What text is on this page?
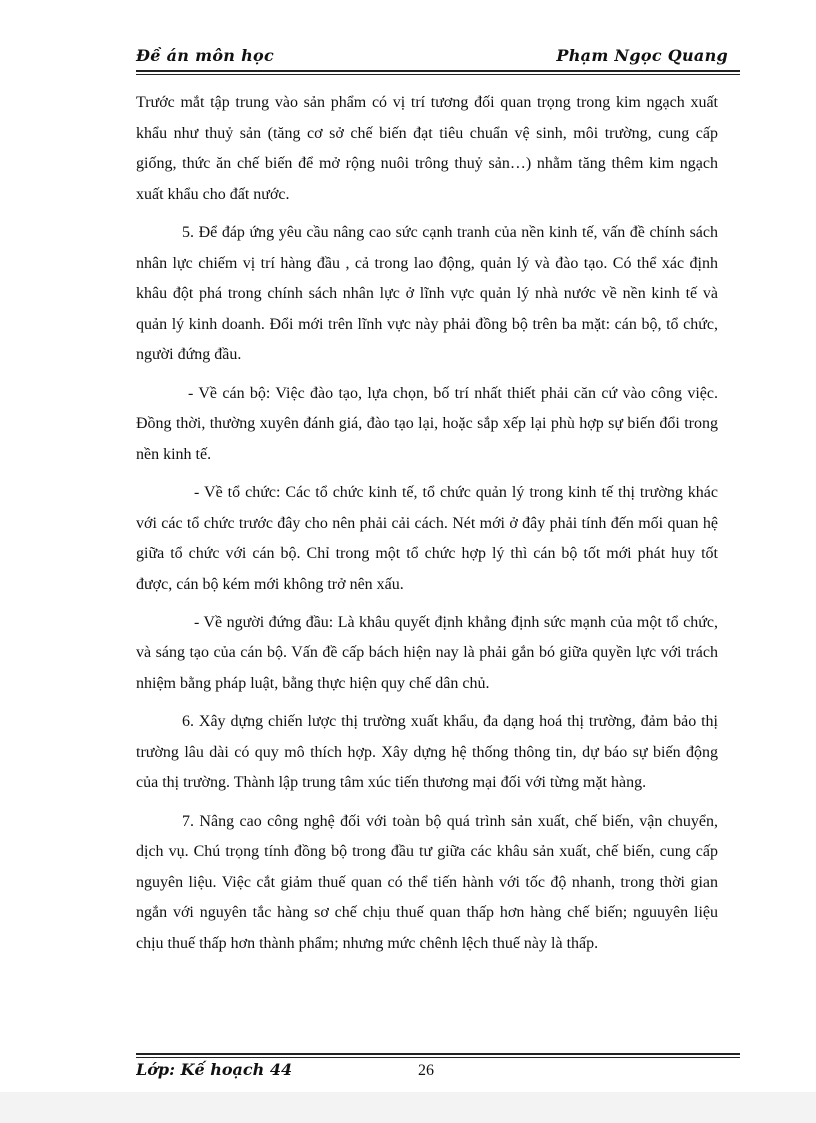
Đề án môn học	Phạm Ngọc Quang

Trước mắt tập trung vào sản phẩm có vị trí tương đối quan trọng trong kim ngạch xuất khẩu như thuỷ sản (tăng cơ sở chế biến đạt tiêu chuẩn vệ sinh, môi trường, cung cấp giống, thức ăn chế biến để mở rộng nuôi trông thuỷ sản…) nhằm tăng thêm kim ngạch xuất khẩu cho đất nước.

5. Để đáp ứng yêu cầu nâng cao sức cạnh tranh của nền kinh tế, vấn đề chính sách nhân lực chiếm vị trí hàng đầu , cả trong lao động, quản lý và đào tạo. Có thể xác định khâu đột phá trong chính sách nhân lực ở lĩnh vực quản lý nhà nước về nền kinh tế và quản lý kinh doanh. Đổi mới trên lĩnh vực này phải đồng bộ trên ba mặt: cán bộ, tổ chức, người đứng đầu.

- Về cán bộ: Việc đào tạo, lựa chọn, bố trí nhất thiết phải căn cứ vào công việc. Đồng thời, thường xuyên đánh giá, đào tạo lại, hoặc sắp xếp lại phù hợp sự biến đổi trong nền kinh tế.

- Về tổ chức: Các tổ chức kinh tế, tổ chức quản lý trong kinh tế thị trường khác với các tổ chức trước đây cho nên phải cải cách. Nét mới ở đây phải tính đến mối quan hệ giữa tổ chức với cán bộ. Chỉ trong một tổ chức hợp lý thì cán bộ tốt mới phát huy tốt được, cán bộ kém mới không trở nên xấu.

- Về người đứng đầu: Là khâu quyết định khẳng định sức mạnh của một tổ chức, và sáng tạo của cán bộ. Vấn đề cấp bách hiện nay là phải gắn bó giữa quyền lực với trách nhiệm bằng pháp luật, bằng thực hiện quy chế dân chủ.

6. Xây dựng chiến lược thị trường xuất khẩu, đa dạng hoá thị trường, đảm bảo thị trường lâu dài có quy mô thích hợp. Xây dựng hệ thống thông tin, dự báo sự biến động của thị trường. Thành lập trung tâm xúc tiến thương mại đối với từng mặt hàng.

7. Nâng cao công nghệ đối với toàn bộ quá trình sản xuất, chế biến, vận chuyển, dịch vụ. Chú trọng tính đồng bộ trong đầu tư giữa các khâu sản xuất, chế biến, cung cấp nguyên liệu. Việc cắt giảm thuế quan có thể tiến hành với tốc độ nhanh, trong thời gian ngắn với nguyên tắc hàng sơ chế chịu thuế quan thấp hơn hàng chế biến; nguuyên liệu chịu thuế thấp hơn thành phẩm; nhưng mức chênh lệch thuế này là thấp.

Lớp: Kế hoạch 44	26
